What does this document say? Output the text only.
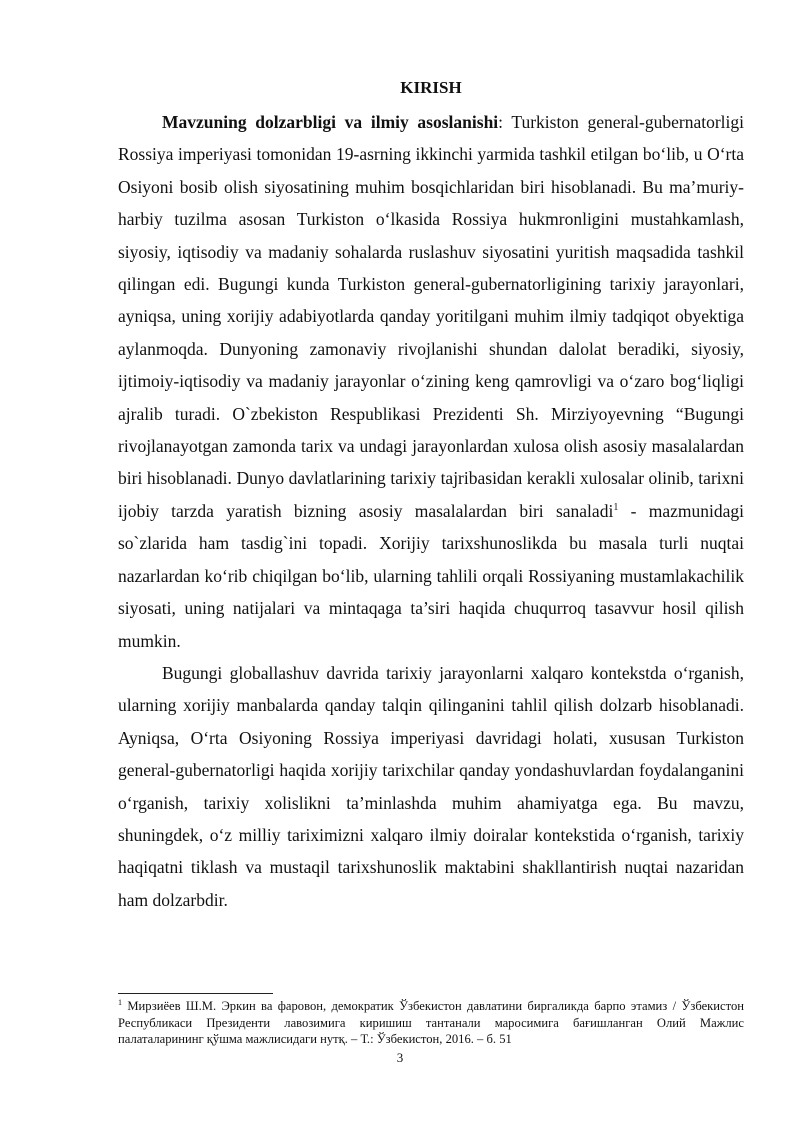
KIRISH

Mavzuning dolzarbligi va ilmiy asoslanishi: Turkiston general-gubernatorligi Rossiya imperiyasi tomonidan 19-asrning ikkinchi yarmida tashkil etilgan bo‘lib, u O‘rta Osiyoni bosib olish siyosatining muhim bosqichlaridan biri hisoblanadi. Bu ma’muriy-harbiy tuzilma asosan Turkiston o‘lkasida Rossiya hukmronligini mustahkamlash, siyosiy, iqtisodiy va madaniy sohalarda ruslashuv siyosatini yuritish maqsadida tashkil qilingan edi. Bugungi kunda Turkiston general-gubernatorligining tarixiy jarayonlari, ayniqsa, uning xorijiy adabiyotlarda qanday yoritilgani muhim ilmiy tadqiqot obyektiga aylanmoqda. Dunyoning zamonaviy rivojlanishi shundan dalolat beradiki, siyosiy, ijtimoiy-iqtisodiy va madaniy jarayonlar o‘zining keng qamrovligi va o‘zaro bog‘liqligi ajralib turadi. O`zbekiston Respublikasi Prezidenti Sh. Mirziyoyevning “Bugungi rivojlanayotgan zamonda tarix va undagi jarayonlardan xulosa olish asosiy masalalardan biri hisoblanadi. Dunyo davlatlarining tarixiy tajribasidan kerakli xulosalar olinib, tarixni ijobiy tarzda yaratish bizning asosiy masalalardan biri sanaladi$^1$ - mazmunidagi so`zlarida ham tasdig`ini topadi. Xorijiy tarixshunoslikda bu masala turli nuqtai nazarlardan ko‘rib chiqilgan bo‘lib, ularning tahlili orqali Rossiyaning mustamlakachilik siyosati, uning natijalari va mintaqaga ta’siri haqida chuqurroq tasavvur hosil qilish mumkin.

Bugungi globallashuv davrida tarixiy jarayonlarni xalqaro kontekstda o‘rganish, ularning xorijiy manbalarda qanday talqin qilinganini tahlil qilish dolzarb hisoblanadi. Ayniqsa, O‘rta Osiyoning Rossiya imperiyasi davridagi holati, xususan Turkiston general-gubernatorligi haqida xorijiy tarixchilar qanday yondashuvlardan foydalanganini o‘rganish, tarixiy xolislikni ta’minlashda muhim ahamiyatga ega. Bu mavzu, shuningdek, o‘z milliy tariximizni xalqaro ilmiy doiralar kontekstida o‘rganish, tarixiy haqiqatni tiklash va mustaqil tarixshunoslik maktabini shakllantirish nuqtai nazaridan ham dolzarbdir.

$^1$ Мирзиёев Ш.М. Эркин ва фаровон, демократик Ўзбекистон давлатини биргаликда барпо этамиз / Ўзбекистон Республикаси Президенти лавозимига киришиш тантанали маросимига бағишланган Олий Мажлис палаталарининг қўшма мажлисидаги нутқ. – Т.: Ўзбекистон, 2016. – б. 51
3
